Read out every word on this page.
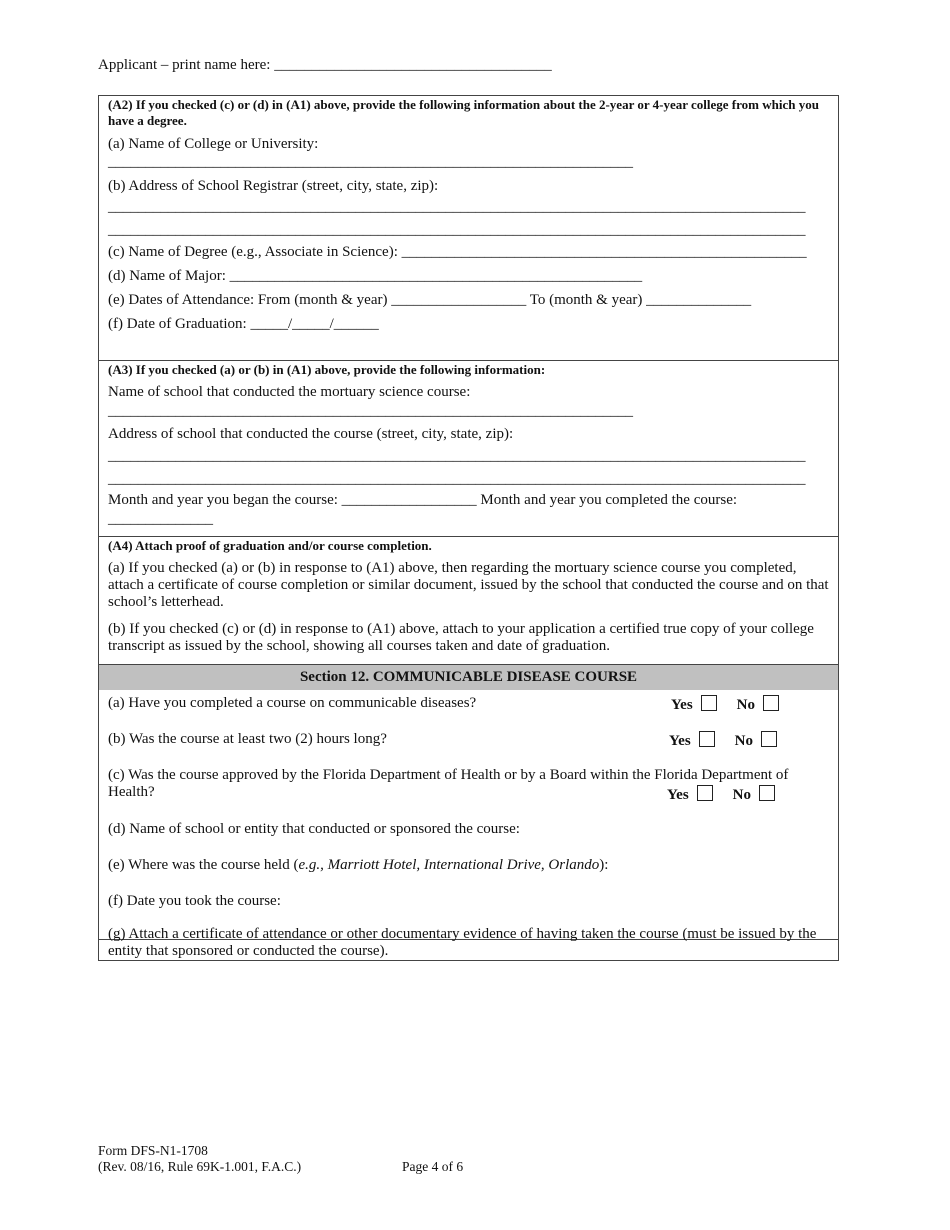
Applicant – print name here: _____________________________________
(A2) If you checked (c) or (d) in (A1) above, provide the following information about the 2-year or 4-year college from which you have a degree.
(a) Name of College or University:
______________________________________________________________________
(b) Address of School Registrar (street, city, state, zip):
_____________________________________________________________________________________________
_____________________________________________________________________________________________
(c) Name of Degree (e.g., Associate in Science): ______________________________________________________
(d) Name of Major: _______________________________________________________
(e) Dates of Attendance: From (month & year) __________________ To (month & year) ______________
(f) Date of Graduation: _____/_____/______
(A3) If you checked (a) or (b) in (A1) above, provide the following information:
Name of school that conducted the mortuary science course:
______________________________________________________________________
Address of school that conducted the course (street, city, state, zip):
_____________________________________________________________________________________________
_____________________________________________________________________________________________
Month and year you began the course: __________________ Month and year you completed the course:
______________
(A4) Attach proof of graduation and/or course completion.
(a) If you checked (a) or (b) in response to (A1) above, then regarding the mortuary science course you completed, attach a certificate of course completion or similar document, issued by the school that conducted the course and on that school’s letterhead.
(b) If you checked (c) or (d) in response to (A1) above, attach to your application a certified true copy of your college transcript as issued by the school, showing all courses taken and date of graduation.
Section 12. COMMUNICABLE DISEASE COURSE
(a) Have you completed a course on communicable diseases?	Yes	No
(b) Was the course at least two (2) hours long?	Yes	No
(c) Was the course approved by the Florida Department of Health or by a Board within the Florida Department of Health?	Yes	No
(d) Name of school or entity that conducted or sponsored the course:
(e) Where was the course held (e.g., Marriott Hotel, International Drive, Orlando):
(f) Date you took the course:
(g) Attach a certificate of attendance or other documentary evidence of having taken the course (must be issued by the entity that sponsored or conducted the course).
Form DFS-N1-1708
(Rev. 08/16, Rule 69K-1.001, F.A.C.)	Page 4 of 6
